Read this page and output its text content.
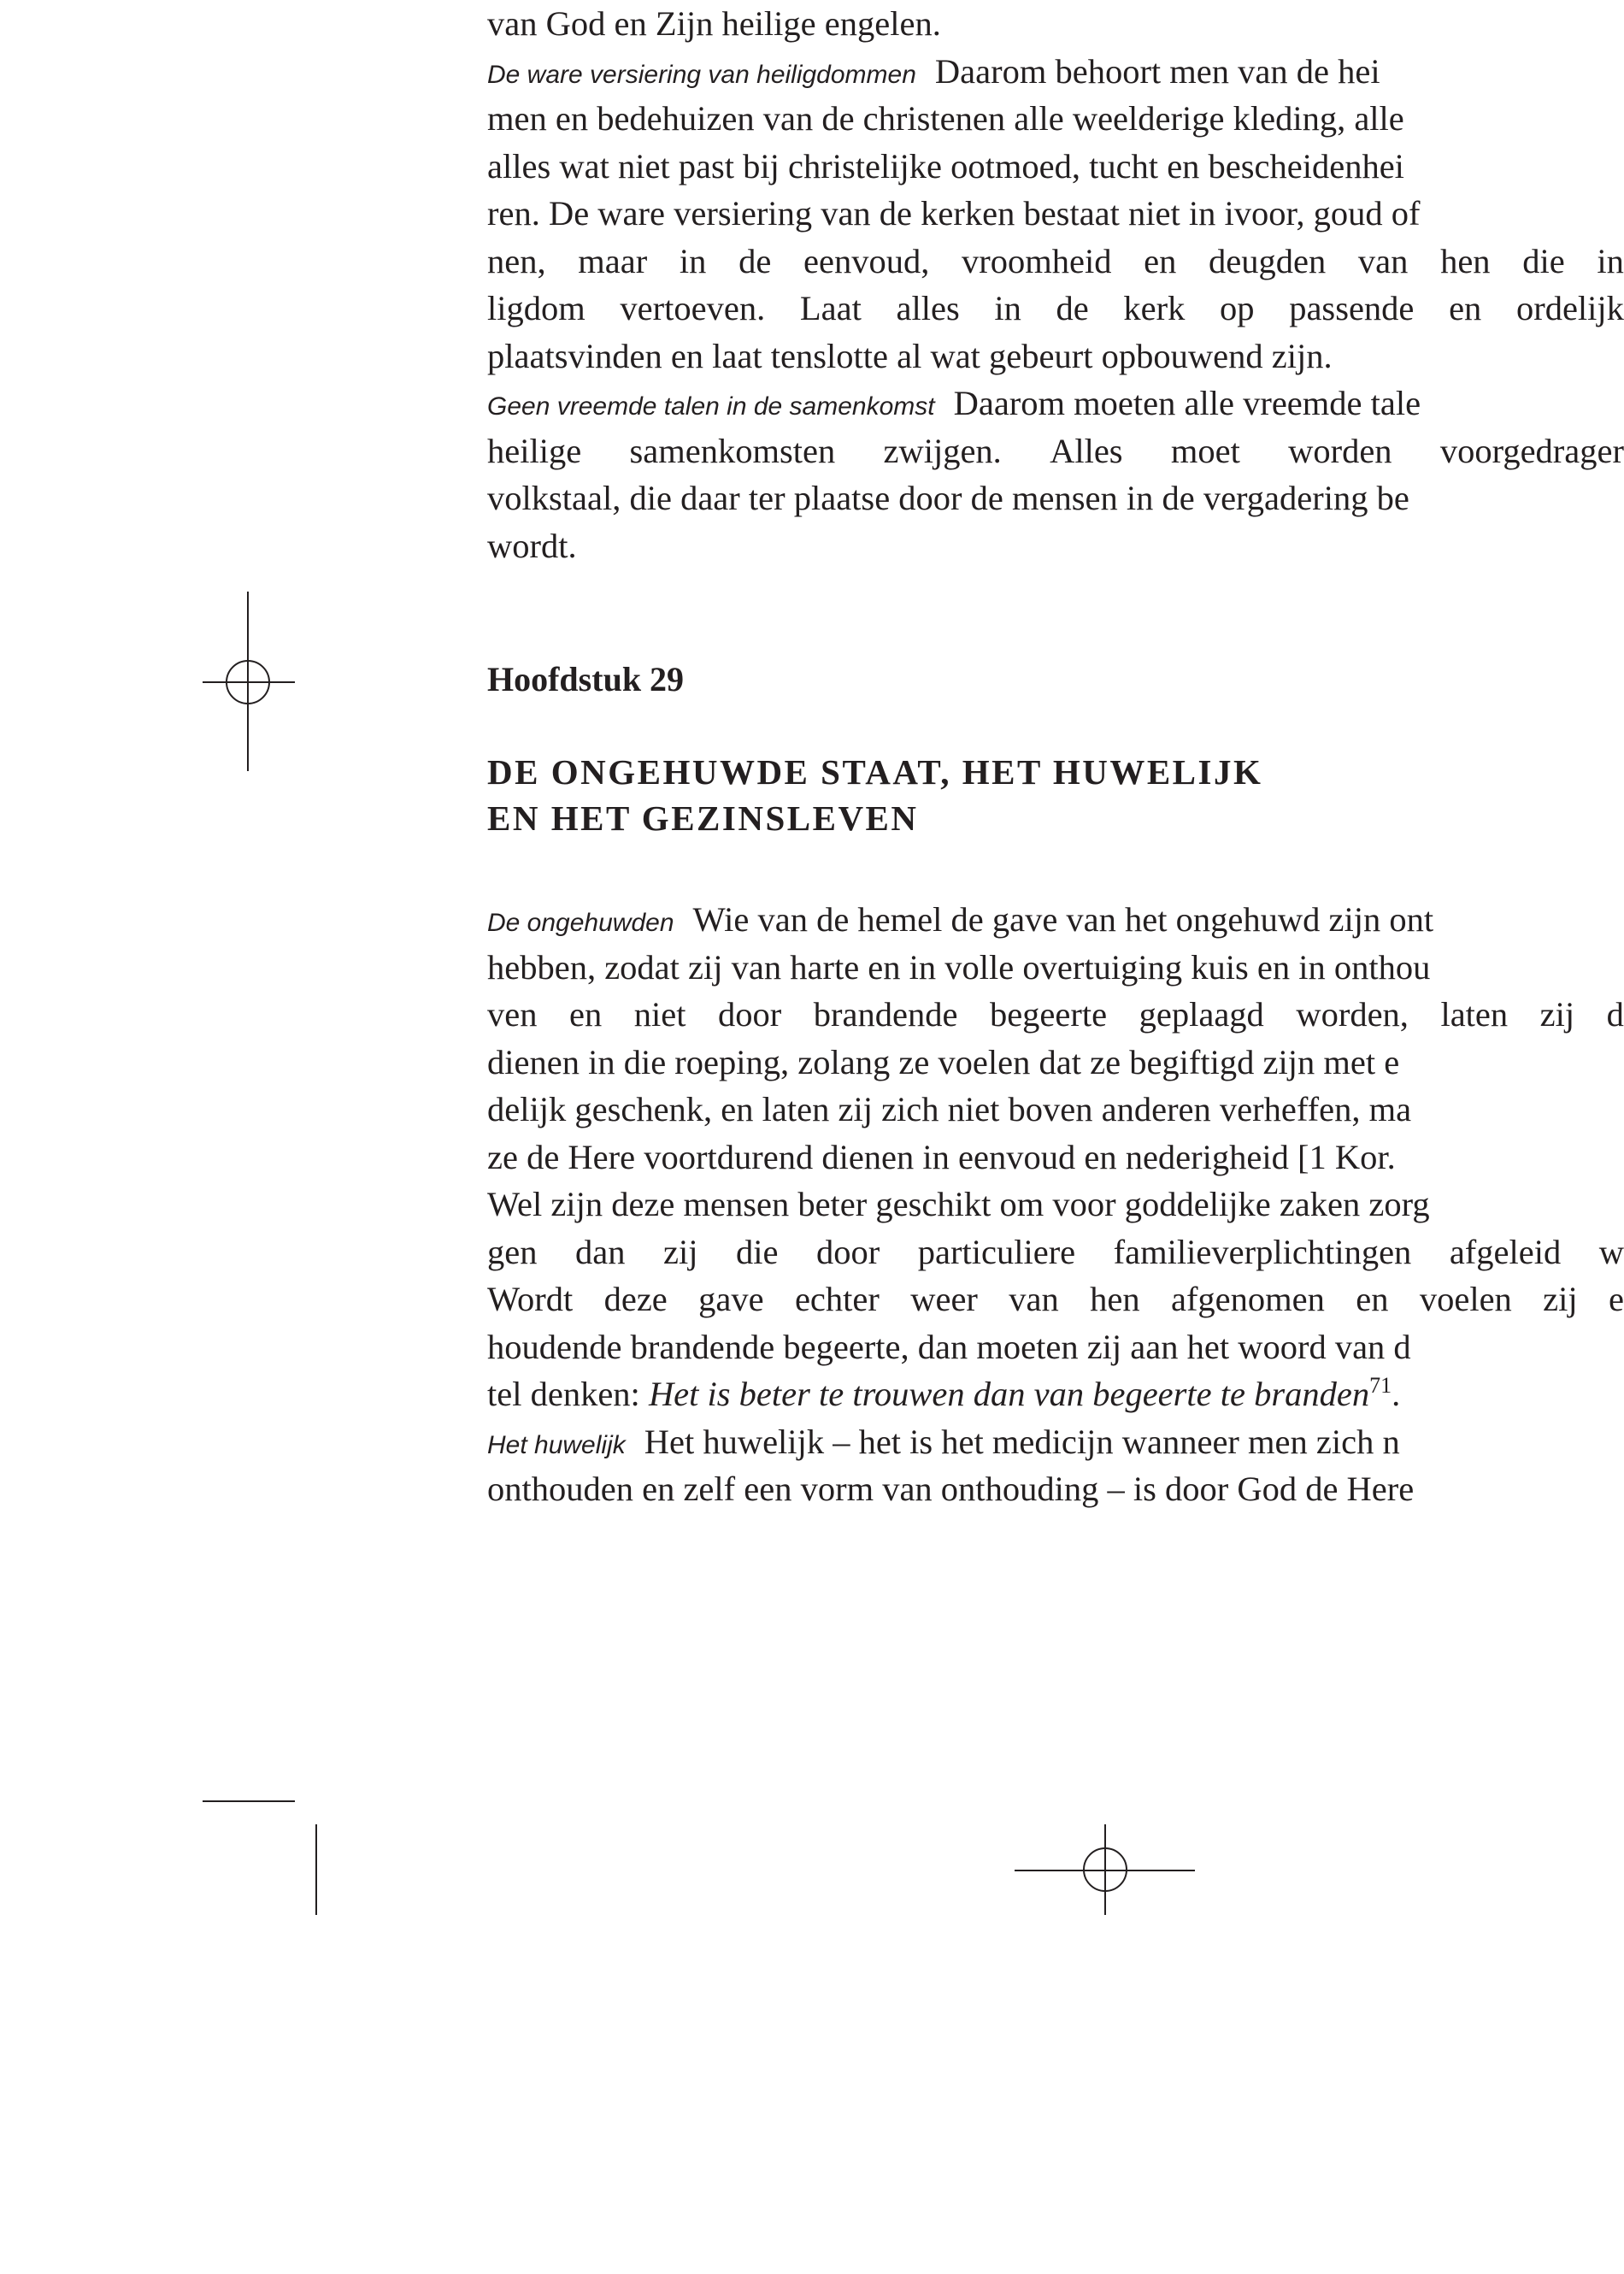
van God en Zijn heilige engelen.
De ware versiering van heiligdommen Daarom behoort men van de hei
men en bedehuizen van de christenen alle weelderige kleding, alle
alles wat niet past bij christelijke ootmoed, tucht en bescheidenhei
ren. De ware versiering van de kerken bestaat niet in ivoor, goud of
nen, maar in de eenvoud, vroomheid en deugden van hen die in
ligdom vertoeven. Laat alles in de kerk op passende en ordelijk
plaatsvinden en laat tenslotte al wat gebeurt opbouwend zijn.
Geen vreemde talen in de samenkomst Daarom moeten alle vreemde tale
heilige samenkomsten zwijgen. Alles moet worden voorgedrager
volkstaal, die daar ter plaatse door de mensen in de vergadering be
wordt.
Hoofdstuk 29
DE ONGEHUWDE STAAT, HET HUWELIJK
EN HET GEZINSLEVEN
De ongehuwden Wie van de hemel de gave van het ongehuwd zijn ont
hebben, zodat zij van harte en in volle overtuiging kuis en in onthou
ven en niet door brandende begeerte geplaagd worden, laten zij d
dienen in die roeping, zolang ze voelen dat ze begiftigd zijn met e
delijk geschenk, en laten zij zich niet boven anderen verheffen, ma
ze de Here voortdurend dienen in eenvoud en nederigheid [1 Kor.
Wel zijn deze mensen beter geschikt om voor goddelijke zaken zorg
gen dan zij die door particuliere familieverplichtingen afgeleid w
Wordt deze gave echter weer van hen afgenomen en voelen zij e
houdende brandende begeerte, dan moeten zij aan het woord van d
tel denken: Het is beter te trouwen dan van begeerte te branden$^{71}$.
Het huwelijk Het huwelijk – het is het medicijn wanneer men zich n
onthouden en zelf een vorm van onthouding – is door God de Here
